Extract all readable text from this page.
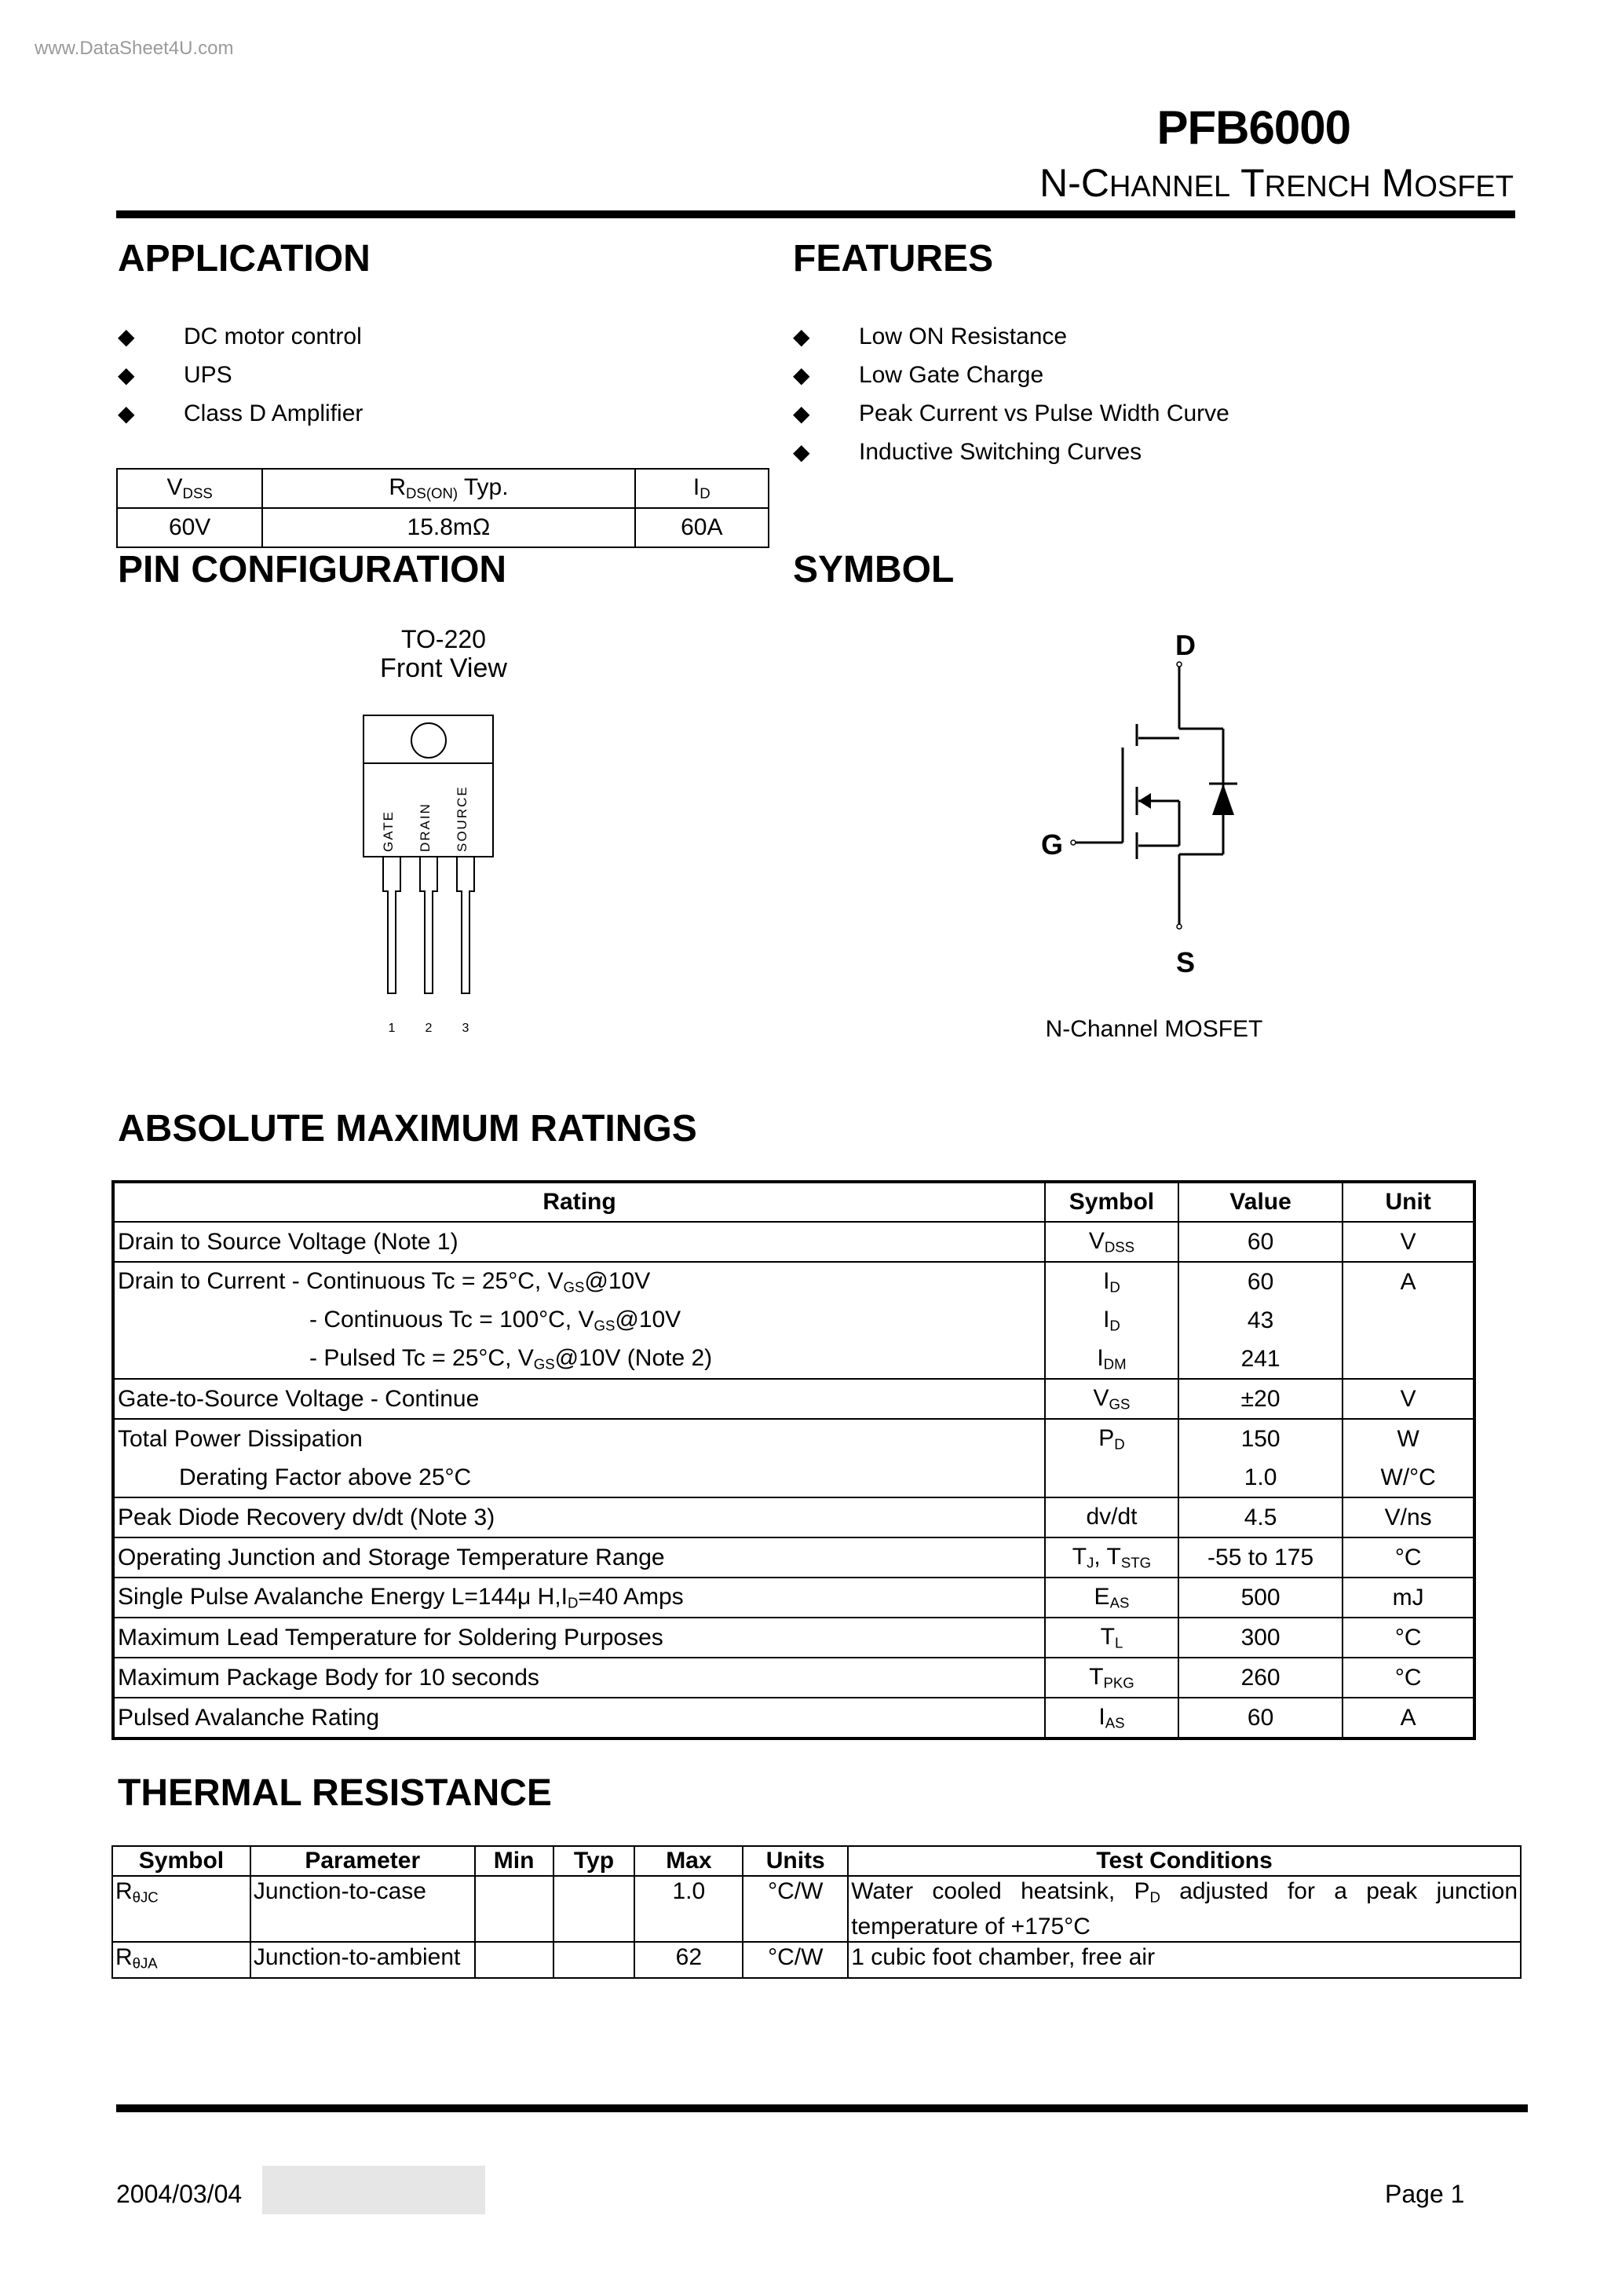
www.DataSheet4U.com
PFB6000
N-CHANNEL TRENCH MOSFET
APPLICATION
◆	DC motor control
◆	UPS
◆	Class D Amplifier
FEATURES
◆	Low ON Resistance
◆	Low Gate Charge
◆	Peak Current vs Pulse Width Curve
◆	Inductive Switching Curves
$V_{DSS}$	$R_{DS(ON)}$ Typ.	$I_D$
60V	15.8mΩ	60A
PIN CONFIGURATION
TO-220
Front View
GATE DRAIN SOURCE
1 2 3
SYMBOL
D
G
S
N-Channel MOSFET
ABSOLUTE MAXIMUM RATINGS
Rating	Symbol	Value	Unit
Drain to Source Voltage (Note 1)	$V_{DSS}$	60	V
Drain to Current - Continuous Tc = 25°C, $V_{GS}@10V$	$I_D$	60	A
- Continuous Tc = 100°C, $V_{GS}@10V$	$I_D$	43	
- Pulsed Tc = 25°C, $V_{GS}@10V$ (Note 2)	$I_{DM}$	241	
Gate-to-Source Voltage - Continue	$V_{GS}$	±20	V
Total Power Dissipation	$P_D$	150	W
Derating Factor above 25°C		1.0	W/°C
Peak Diode Recovery dv/dt (Note 3)	dv/dt	4.5	V/ns
Operating Junction and Storage Temperature Range	$T_J$, $T_{STG}$	-55 to 175	°C
Single Pulse Avalanche Energy L=144μ $H,I_D=40$ Amps	$E_{AS}$	500	mJ
Maximum Lead Temperature for Soldering Purposes	$T_L$	300	°C
Maximum Package Body for 10 seconds	$T_{PKG}$	260	°C
Pulsed Avalanche Rating	$I_{AS}$	60	A
THERMAL RESISTANCE
Symbol	Parameter	Min	Typ	Max	Units	Test Conditions
$R_{\theta JC}$	Junction-to-case			1.0	°C/W	Water cooled heatsink, $P_D$ adjusted for a peak junction temperature of +175°C
$R_{\theta JA}$	Junction-to-ambient			62	°C/W	1 cubic foot chamber, free air
2004/03/04	Page 1
